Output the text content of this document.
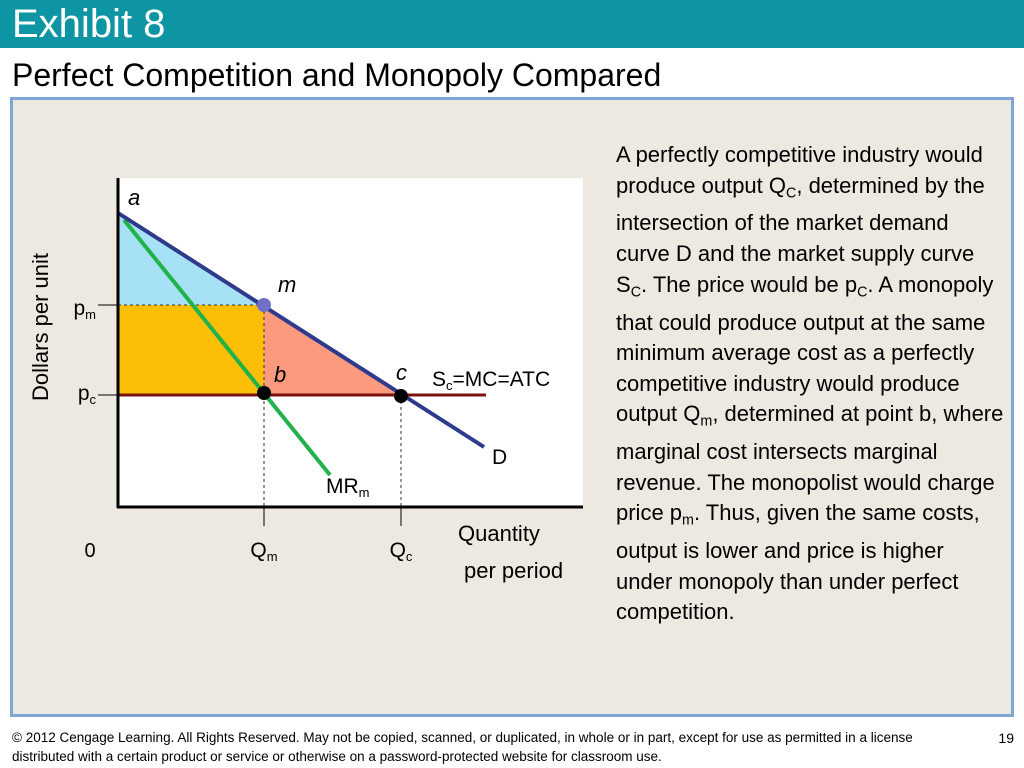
Exhibit 8
Perfect Competition and Monopoly Compared
Dollars per unit pm
pc
0	Qm	Qc
Quantity
per period
a
m
b	c Sc=MC=ATC
D
MRm
A perfectly competitive industry would produce output $Q_C$, determined by the intersection of the market demand curve D and the market supply curve $S_C$. The price would be $p_C$. A monopoly that could produce output at the same minimum average cost as a perfectly competitive industry would produce output $Q_m$, determined at point b, where marginal cost intersects marginal revenue. The monopolist would charge price $p_m$. Thus, given the same costs, output is lower and price is higher under monopoly than under perfect competition.
© 2012 Cengage Learning. All Rights Reserved. May not be copied, scanned, or duplicated, in whole or in part, except for use as permitted in a license distributed with a certain product or service or otherwise on a password-protected website for classroom use.
19
